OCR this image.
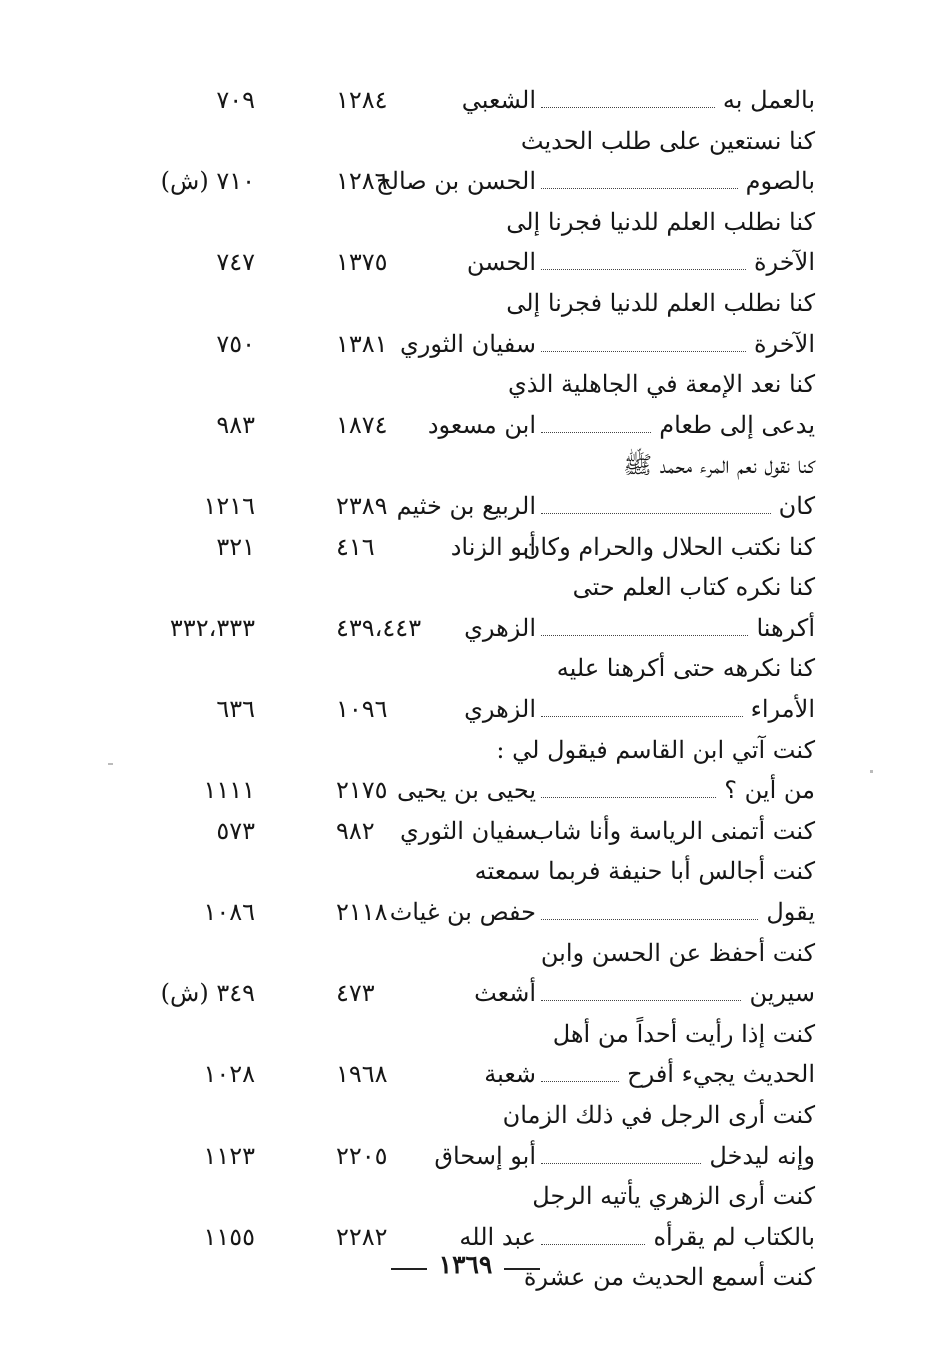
بالعمل به
الشعبي
١٢٨٤
٧٠٩
كنا نستعين على طلب الحديث
بالصوم
الحسن بن صالح
١٢٨٦
٧١٠ (ش)
كنا نطلب العلم للدنيا فجرنا إلى
الآخرة
الحسن
١٣٧٥
٧٤٧
كنا نطلب العلم للدنيا فجرنا إلى
الآخرة
سفيان الثوري
١٣٨١
٧٥٠
كنا نعد الإمعة في الجاهلية الذي
يدعى إلى طعام
ابن مسعود
١٨٧٤
٩٨٣
كنا نقول نعم المرء محمد ﷺ
كان
الربيع بن خثيم
٢٣٨٩
١٢١٦
كنا نكتب الحلال والحرام وكان
أبو الزناد
٤١٦
٣٢١
كنا نكره كتاب العلم حتى
أكرهنا
الزهري
٤٣٩،٤٤٣
٣٣٢،٣٣٣
كنا نكرهه حتى أكرهنا عليه
الأمراء
الزهري
١٠٩٦
٦٣٦
كنت آتي ابن القاسم فيقول لي :
من أين ؟
يحيى بن يحيى
٢١٧٥
١١١١
كنت أتمنى الرياسة وأنا شاب
سفيان الثوري
٩٨٢
٥٧٣
كنت أجالس أبا حنيفة فربما سمعته
يقول
حفص بن غياث
٢١١٨
١٠٨٦
كنت أحفظ عن الحسن وابن
سيرين
أشعث
٤٧٣
٣٤٩ (ش)
كنت إذا رأيت أحداً من أهل
الحديث يجيء أفرح
شعبة
١٩٦٨
١٠٢٨
كنت أرى الرجل في ذلك الزمان
وإنه ليدخل
أبو إسحاق
٢٢٠٥
١١٢٣
كنت أرى الزهري يأتيه الرجل
بالكتاب لم يقرأه
عبد الله
٢٢٨٢
١١٥٥
كنت أسمع الحديث من عشرة
١٣٦٩
